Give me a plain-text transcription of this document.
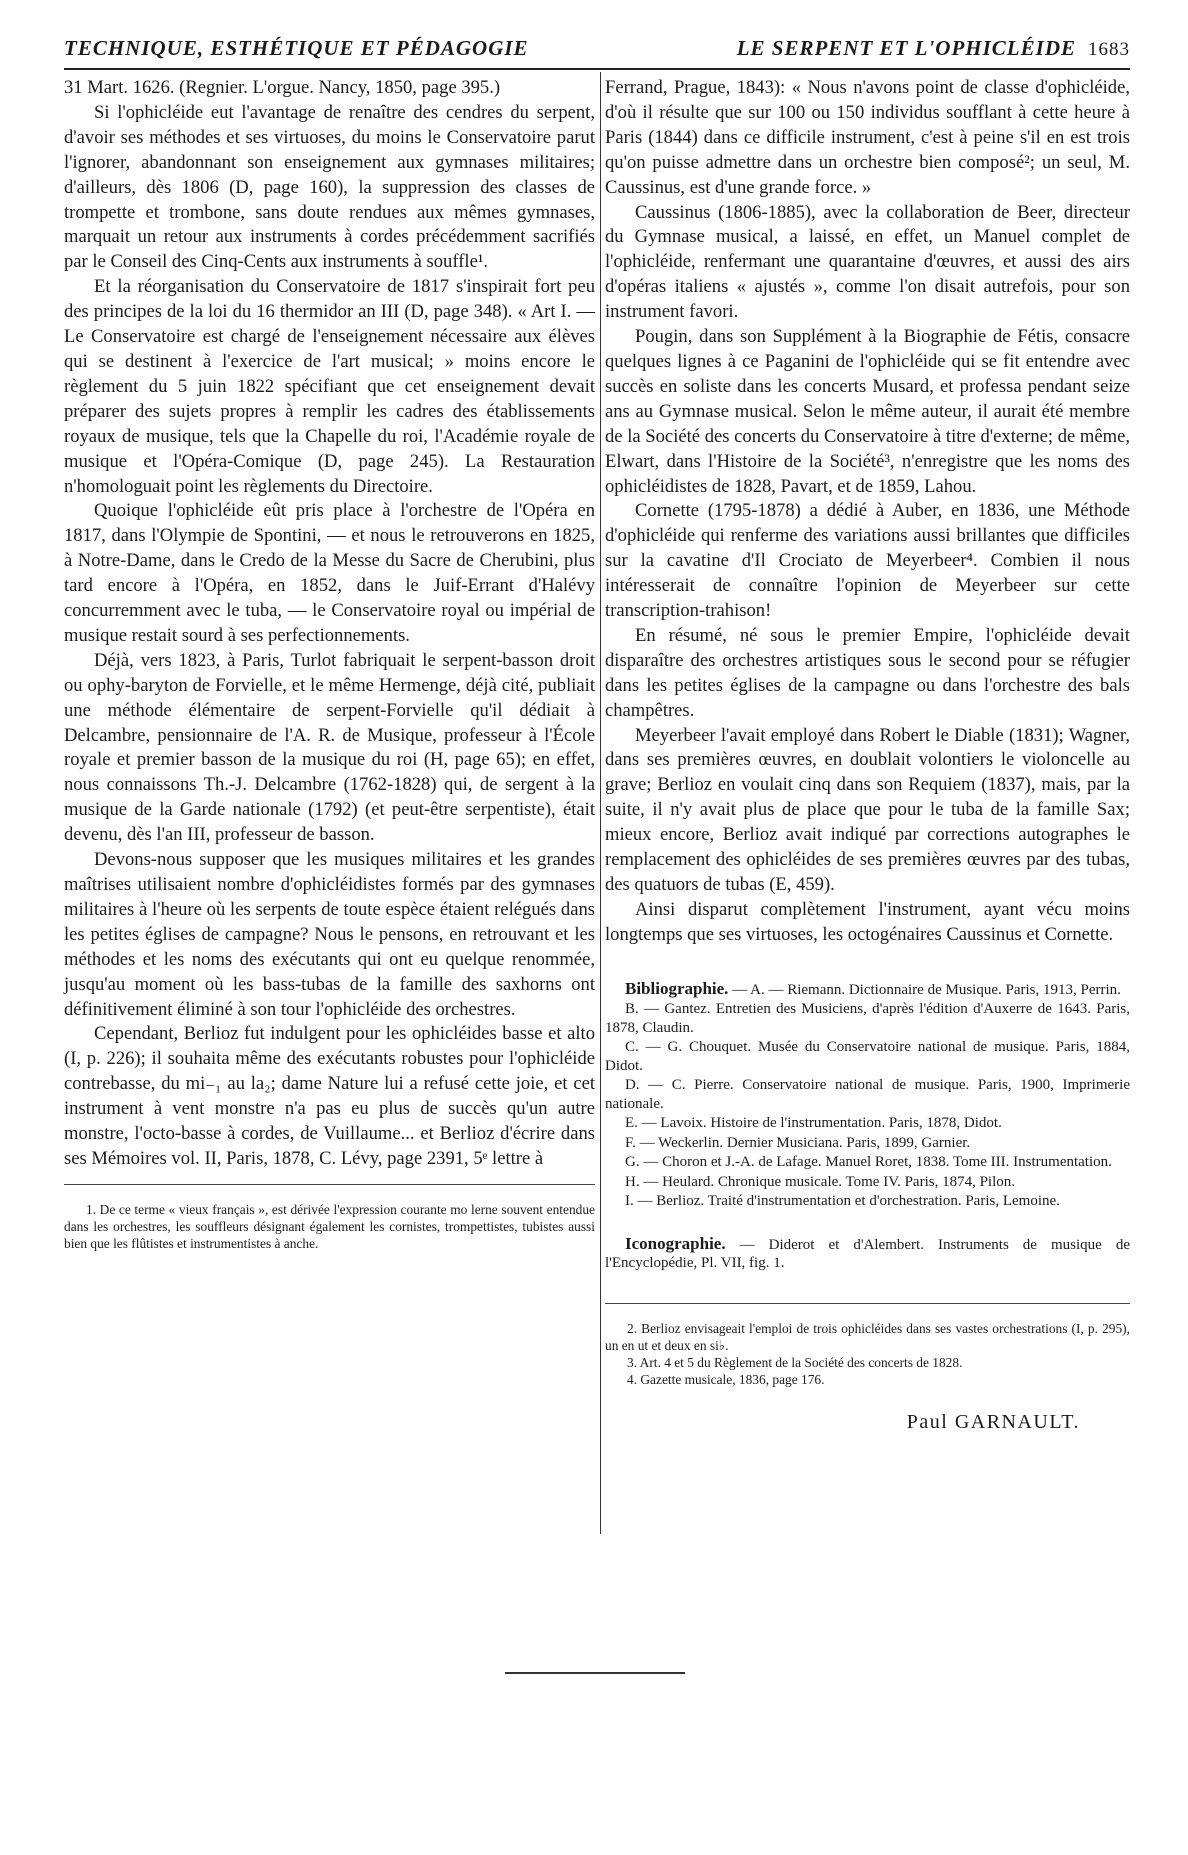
TECHNIQUE, ESTHÉTIQUE ET PÉDAGOGIE	LE SERPENT ET L'OPHICLÉIDE 1683

31 Mart. 1626. (Regnier. L'orgue. Nancy, 1850, page 395.)

Si l'ophicléide eut l'avantage de renaître des cendres du serpent, d'avoir ses méthodes et ses virtuoses, du moins le Conservatoire parut l'ignorer, abandonnant son enseignement aux gymnases militaires; d'ailleurs, dès 1806 (D, page 160), la suppression des classes de trompette et trombone, sans doute rendues aux mêmes gymnases, marquait un retour aux instruments à cordes précédemment sacrifiés par le Conseil des Cinq-Cents aux instruments à souffle¹.

Et la réorganisation du Conservatoire de 1817 s'inspirait fort peu des principes de la loi du 16 thermidor an III (D, page 348). « Art I. — Le Conservatoire est chargé de l'enseignement nécessaire aux élèves qui se destinent à l'exercice de l'art musical; » moins encore le règlement du 5 juin 1822 spécifiant que cet enseignement devait préparer des sujets propres à remplir les cadres des établissements royaux de musique, tels que la Chapelle du roi, l'Académie royale de musique et l'Opéra-Comique (D, page 245). La Restauration n'homologuait point les règlements du Directoire.

Quoique l'ophicléide eût pris place à l'orchestre de l'Opéra en 1817, dans l'Olympie de Spontini, — et nous le retrouverons en 1825, à Notre-Dame, dans le Credo de la Messe du Sacre de Cherubini, plus tard encore à l'Opéra, en 1852, dans le Juif-Errant d'Halévy concurremment avec le tuba, — le Conservatoire royal ou impérial de musique restait sourd à ses perfectionnements.

Déjà, vers 1823, à Paris, Turlot fabriquait le serpent-basson droit ou ophy-baryton de Forvielle, et le même Hermenge, déjà cité, publiait une méthode élémentaire de serpent-Forvielle qu'il dédiait à Delcambre, pensionnaire de l'A. R. de Musique, professeur à l'École royale et premier basson de la musique du roi (H, page 65); en effet, nous connaissons Th.-J. Delcambre (1762-1828) qui, de sergent à la musique de la Garde nationale (1792) (et peut-être serpentiste), était devenu, dès l'an III, professeur de basson.

Devons-nous supposer que les musiques militaires et les grandes maîtrises utilisaient nombre d'ophicléidistes formés par des gymnases militaires à l'heure où les serpents de toute espèce étaient relégués dans les petites églises de campagne? Nous le pensons, en retrouvant et les méthodes et les noms des exécutants qui ont eu quelque renommée, jusqu'au moment où les bass-tubas de la famille des saxhorns ont définitivement éliminé à son tour l'ophicléide des orchestres.

Cependant, Berlioz fut indulgent pour les ophicléides basse et alto (I, p. 226); il souhaita même des exécutants robustes pour l'ophicléide contrebasse, du mi₋₁ au la₂; dame Nature lui a refusé cette joie, et cet instrument à vent monstre n'a pas eu plus de succès qu'un autre monstre, l'octo-basse à cordes, de Vuillaume... et Berlioz d'écrire dans ses Mémoires vol. II, Paris, 1878, C. Lévy, page 2391, 5ᵉ lettre à

1. De ce terme « vieux français », est dérivée l'expression courante mo lerne souvent entendue dans les orchestres, les souffleurs désignant également les cornistes, trompettistes, tubistes aussi bien que les flûtistes et instrumentistes à anche.

Ferrand, Prague, 1843): « Nous n'avons point de classe d'ophicléide, d'où il résulte que sur 100 ou 150 individus soufflant à cette heure à Paris (1844) dans ce difficile instrument, c'est à peine s'il en est trois qu'on puisse admettre dans un orchestre bien composé²; un seul, M. Caussinus, est d'une grande force. »

Caussinus (1806-1885), avec la collaboration de Beer, directeur du Gymnase musical, a laissé, en effet, un Manuel complet de l'ophicléide, renfermant une quarantaine d'œuvres, et aussi des airs d'opéras italiens « ajustés », comme l'on disait autrefois, pour son instrument favori.

Pougin, dans son Supplément à la Biographie de Fétis, consacre quelques lignes à ce Paganini de l'ophicléide qui se fit entendre avec succès en soliste dans les concerts Musard, et professa pendant seize ans au Gymnase musical. Selon le même auteur, il aurait été membre de la Société des concerts du Conservatoire à titre d'externe; de même, Elwart, dans l'Histoire de la Société³, n'enregistre que les noms des ophicléidistes de 1828, Pavart, et de 1859, Lahou.

Cornette (1795-1878) a dédié à Auber, en 1836, une Méthode d'ophicléide qui renferme des variations aussi brillantes que difficiles sur la cavatine d'Il Crociato de Meyerbeer⁴. Combien il nous intéresserait de connaître l'opinion de Meyerbeer sur cette transcription-trahison!

En résumé, né sous le premier Empire, l'ophicléide devait disparaître des orchestres artistiques sous le second pour se réfugier dans les petites églises de la campagne ou dans l'orchestre des bals champêtres.

Meyerbeer l'avait employé dans Robert le Diable (1831); Wagner, dans ses premières œuvres, en doublait volontiers le violoncelle au grave; Berlioz en voulait cinq dans son Requiem (1837), mais, par la suite, il n'y avait plus de place que pour le tuba de la famille Sax; mieux encore, Berlioz avait indiqué par corrections autographes le remplacement des ophicléides de ses premières œuvres par des tubas, des quatuors de tubas (E, 459).

Ainsi disparut complètement l'instrument, ayant vécu moins longtemps que ses virtuoses, les octogénaires Caussinus et Cornette.

Bibliographie. — A. — Riemann. Dictionnaire de Musique. Paris, 1913, Perrin.
B. — Gantez. Entretien des Musiciens, d'après l'édition d'Auxerre de 1643. Paris, 1878, Claudin.
C. — G. Chouquet. Musée du Conservatoire national de musique. Paris, 1884, Didot.
D. — C. Pierre. Conservatoire national de musique. Paris, 1900, Imprimerie nationale.
E. — Lavoix. Histoire de l'instrumentation. Paris, 1878, Didot.
F. — Weckerlin. Dernier Musiciana. Paris, 1899, Garnier.
G. — Choron et J.-A. de Lafage. Manuel Roret, 1838. Tome III. Instrumentation.
H. — Heulard. Chronique musicale. Tome IV. Paris, 1874, Pilon.
I. — Berlioz. Traité d'instrumentation et d'orchestration. Paris, Lemoine.
Iconographie. — Diderot et d'Alembert. Instruments de musique de l'Encyclopédie, Pl. VII, fig. 1.
2. Berlioz envisageait l'emploi de trois ophicléides dans ses vastes orchestrations (I, p. 295), un en ut et deux en si♭.
3. Art. 4 et 5 du Règlement de la Société des concerts de 1828.
4. Gazette musicale, 1836, page 176.
Paul GARNAULT.
